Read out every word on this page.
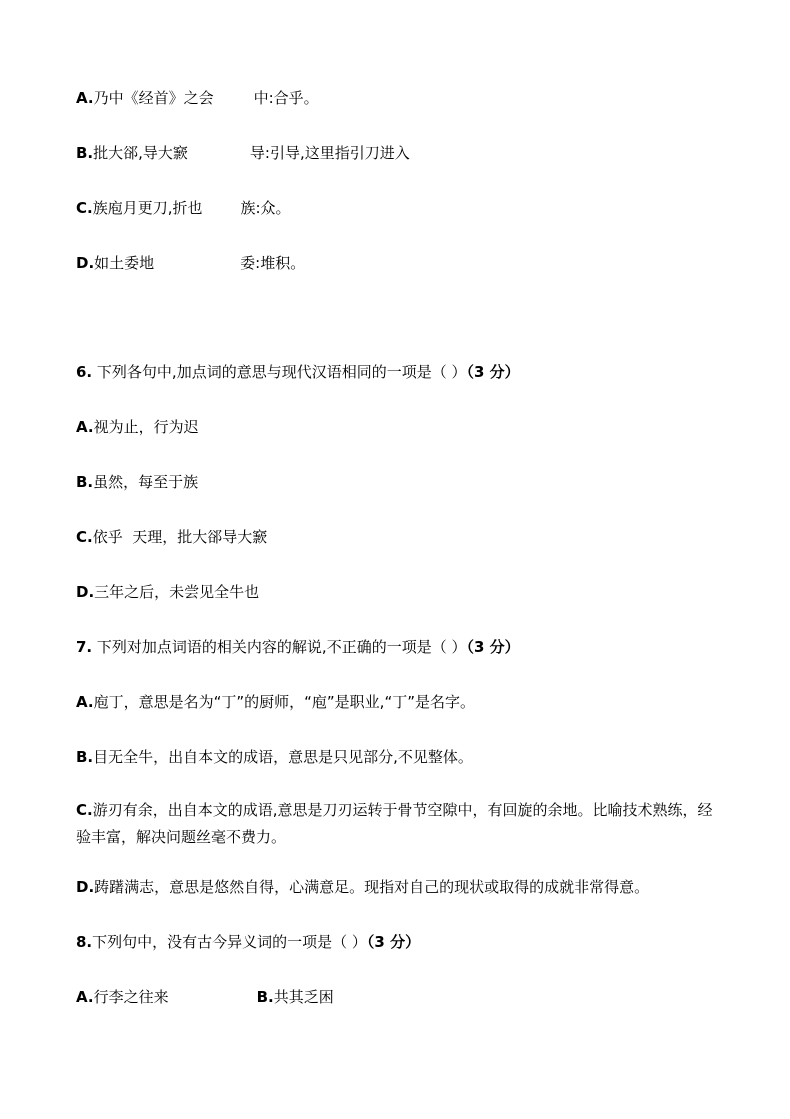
A.乃中《经首》之会	中:合乎。

B.批大郤,导大窾	导:引导,这里指引刀进入

C.族庖月更刀,折也	族:众。

D.如土委地	委:堆积。

6. 下列各句中,加点词的意思与现代汉语相同的一项是（ ）（3 分）

A.视为止，行为迟

B.虽然，每至于族

C.依乎  天理，批大郤导大窾

D.三年之后，未尝见全牛也

7. 下列对加点词语的相关内容的解说,不正确的一项是（ ）（3 分）

A.庖丁，意思是名为“丁”的厨师，“庖”是职业,“丁”是名字。

B.目无全牛，出自本文的成语，意思是只见部分,不见整体。

C.游刃有余，出自本文的成语,意思是刀刃运转于骨节空隙中，有回旋的余地。比喻技术熟练，经验丰富，解决问题丝毫不费力。

D.踌躇满志，意思是悠然自得，心满意足。现指对自己的现状或取得的成就非常得意。

8.下列句中，没有古今异义词的一项是（ ）（3 分）

A.行李之往来	B.共其乏困
